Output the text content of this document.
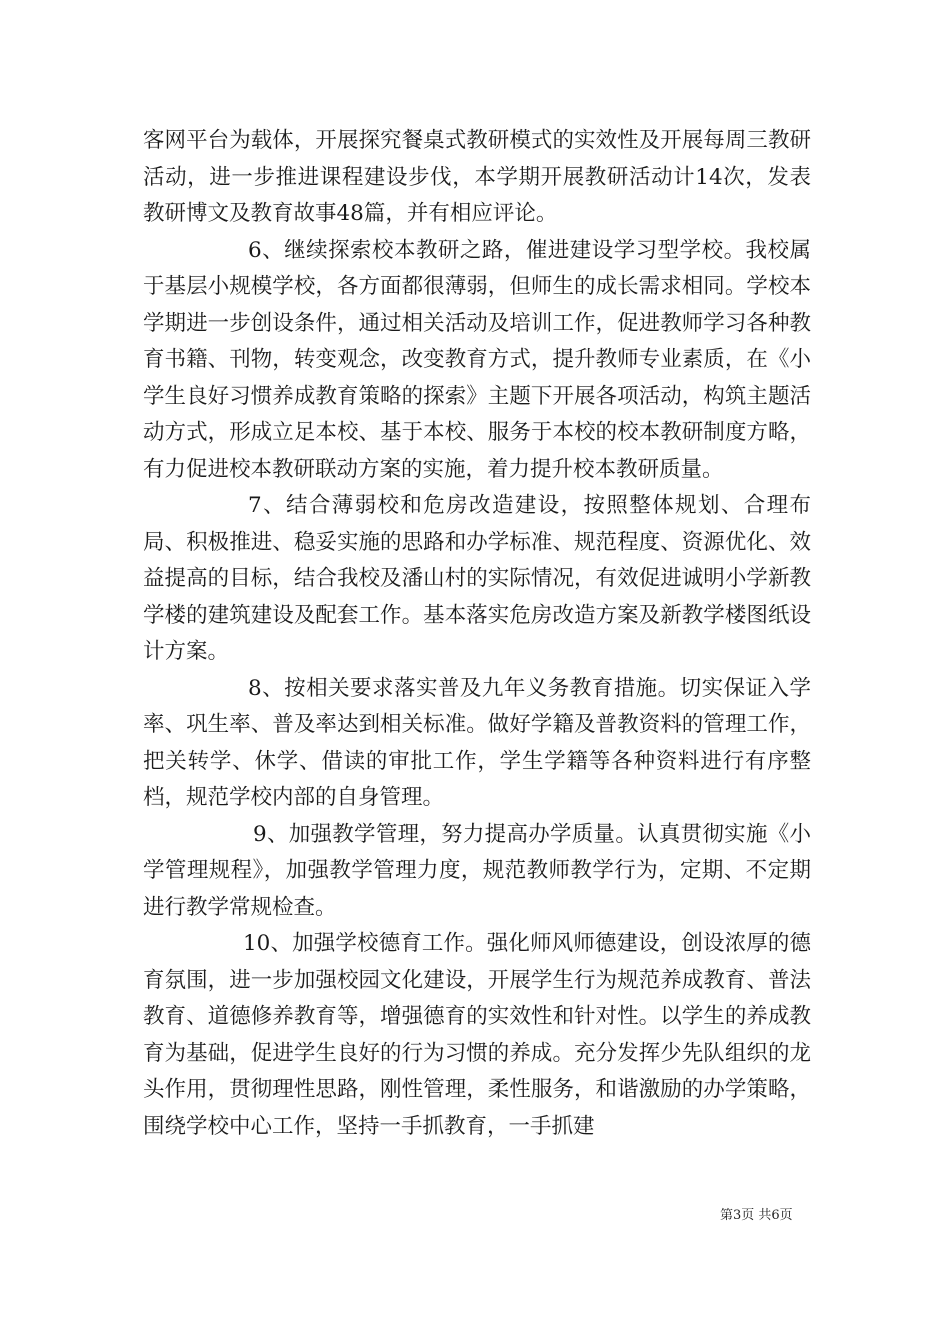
客网平台为载体，开展探究餐桌式教研模式的实效性及开展每周三教研活动，进一步推进课程建设步伐，本学期开展教研活动计14次，发表教研博文及教育故事48篇，并有相应评论。

6、继续探索校本教研之路，催进建设学习型学校。我校属于基层小规模学校，各方面都很薄弱，但师生的成长需求相同。学校本学期进一步创设条件，通过相关活动及培训工作，促进教师学习各种教育书籍、刊物，转变观念，改变教育方式，提升教师专业素质，在《小学生良好习惯养成教育策略的探索》主题下开展各项活动，构筑主题活动方式，形成立足本校、基于本校、服务于本校的校本教研制度方略，有力促进校本教研联动方案的实施，着力提升校本教研质量。

7、结合薄弱校和危房改造建设，按照整体规划、合理布局、积极推进、稳妥实施的思路和办学标准、规范程度、资源优化、效益提高的目标，结合我校及潘山村的实际情况，有效促进诚明小学新教学楼的建筑建设及配套工作。基本落实危房改造方案及新教学楼图纸设计方案。

8、按相关要求落实普及九年义务教育措施。切实保证入学率、巩生率、普及率达到相关标准。做好学籍及普教资料的管理工作，把关转学、休学、借读的审批工作，学生学籍等各种资料进行有序整档，规范学校内部的自身管理。

9、加强教学管理，努力提高办学质量。认真贯彻实施《小学管理规程》，加强教学管理力度，规范教师教学行为，定期、不定期进行教学常规检查。

10、加强学校德育工作。强化师风师德建设，创设浓厚的德育氛围，进一步加强校园文化建设，开展学生行为规范养成教育、普法教育、道德修养教育等，增强德育的实效性和针对性。以学生的养成教育为基础，促进学生良好的行为习惯的养成。充分发挥少先队组织的龙头作用，贯彻理性思路，刚性管理，柔性服务，和谐激励的办学策略，围绕学校中心工作，坚持一手抓教育，一手抓建

第3页 共6页
